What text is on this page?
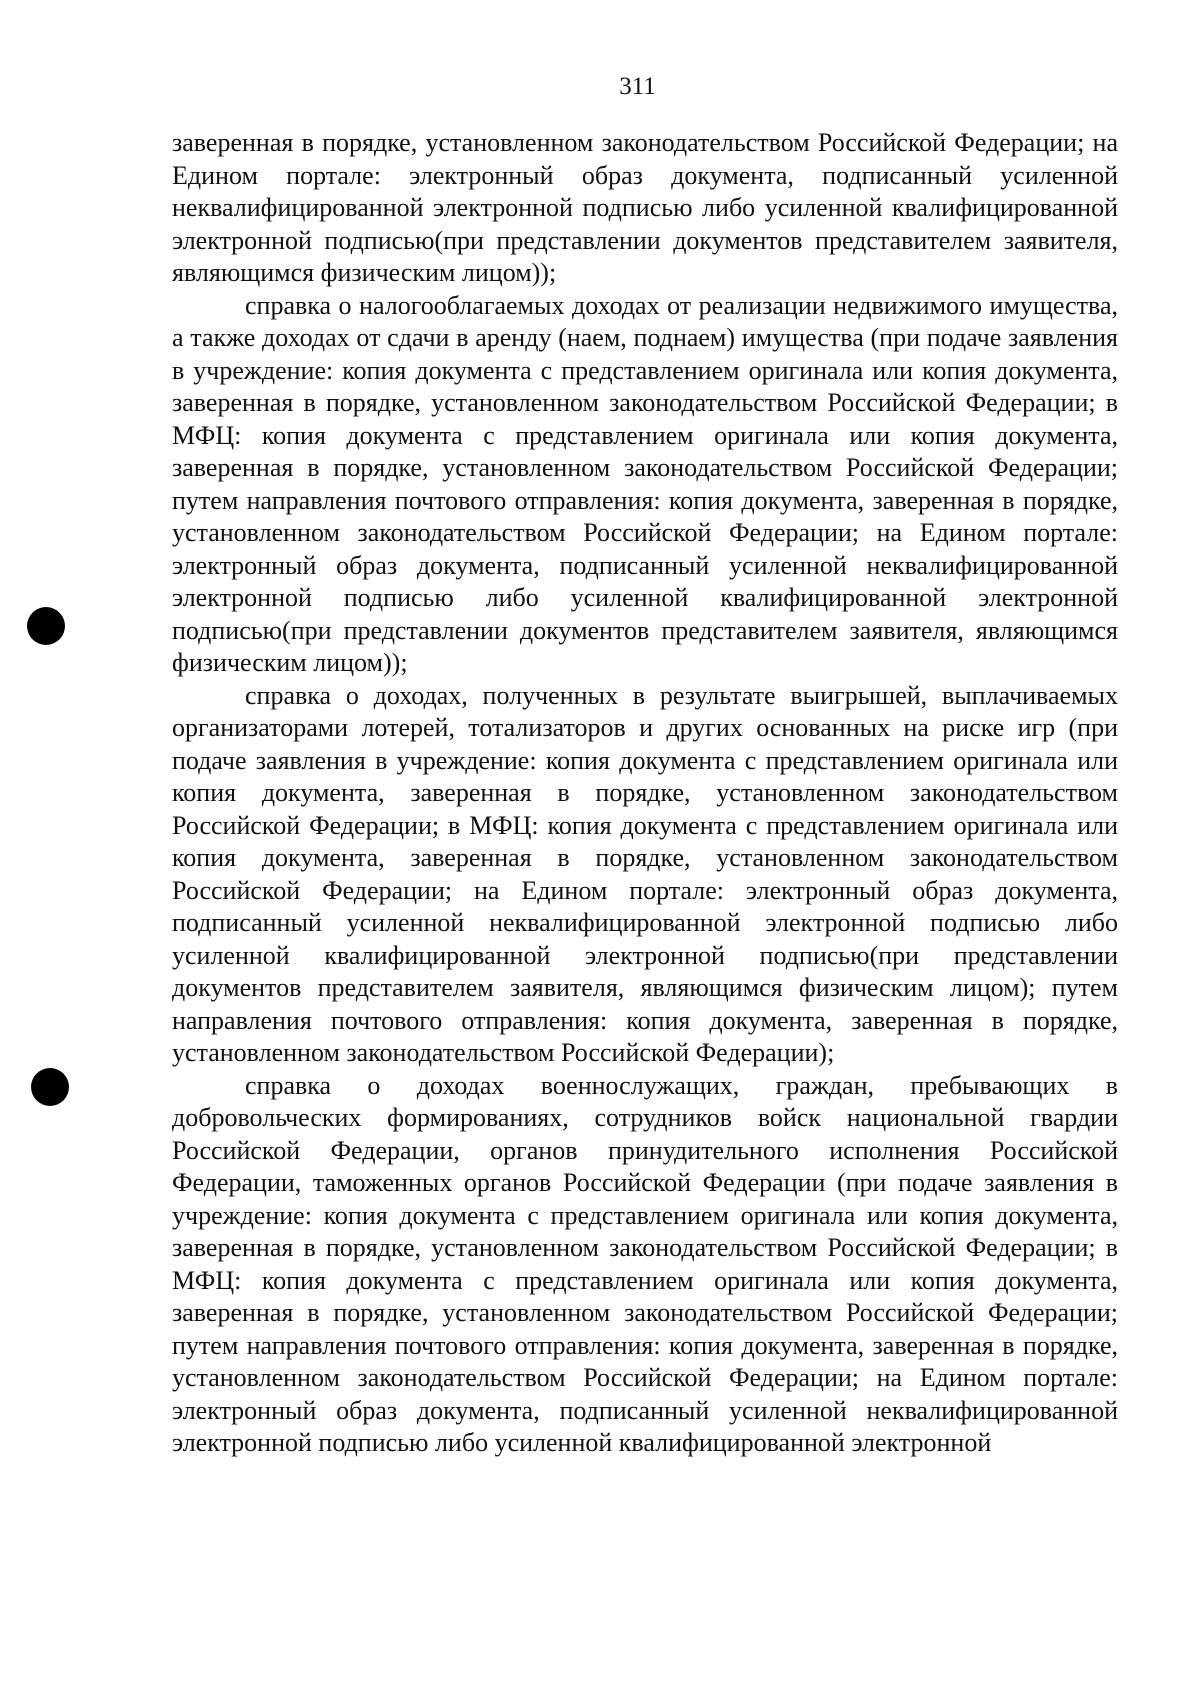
311

заверенная в порядке, установленном законодательством Российской Федерации; на Едином портале: электронный образ документа, подписанный усиленной неквалифицированной электронной подписью либо усиленной квалифицированной электронной подписью(при представлении документов представителем заявителя, являющимся физическим лицом));

справка о налогооблагаемых доходах от реализации недвижимого имущества, а также доходах от сдачи в аренду (наем, поднаем) имущества (при подаче заявления в учреждение: копия документа с представлением оригинала или копия документа, заверенная в порядке, установленном законодательством Российской Федерации; в МФЦ: копия документа с представлением оригинала или копия документа, заверенная в порядке, установленном законодательством Российской Федерации; путем направления почтового отправления: копия документа, заверенная в порядке, установленном законодательством Российской Федерации; на Едином портале: электронный образ документа, подписанный усиленной неквалифицированной электронной подписью либо усиленной квалифицированной электронной подписью(при представлении документов представителем заявителя, являющимся физическим лицом));

справка о доходах, полученных в результате выигрышей, выплачиваемых организаторами лотерей, тотализаторов и других основанных на риске игр (при подаче заявления в учреждение: копия документа с представлением оригинала или копия документа, заверенная в порядке, установленном законодательством Российской Федерации; в МФЦ: копия документа с представлением оригинала или копия документа, заверенная в порядке, установленном законодательством Российской Федерации; на Едином портале: электронный образ документа, подписанный усиленной неквалифицированной электронной подписью либо усиленной квалифицированной электронной подписью(при представлении документов представителем заявителя, являющимся физическим лицом); путем направления почтового отправления: копия документа, заверенная в порядке, установленном законодательством Российской Федерации);

справка о доходах военнослужащих, граждан, пребывающих в добровольческих формированиях, сотрудников войск национальной гвардии Российской Федерации, органов принудительного исполнения Российской Федерации, таможенных органов Российской Федерации (при подаче заявления в учреждение: копия документа с представлением оригинала или копия документа, заверенная в порядке, установленном законодательством Российской Федерации; в МФЦ: копия документа с представлением оригинала или копия документа, заверенная в порядке, установленном законодательством Российской Федерации; путем направления почтового отправления: копия документа, заверенная в порядке, установленном законодательством Российской Федерации; на Едином портале: электронный образ документа, подписанный усиленной неквалифицированной электронной подписью либо усиленной квалифицированной электронной
